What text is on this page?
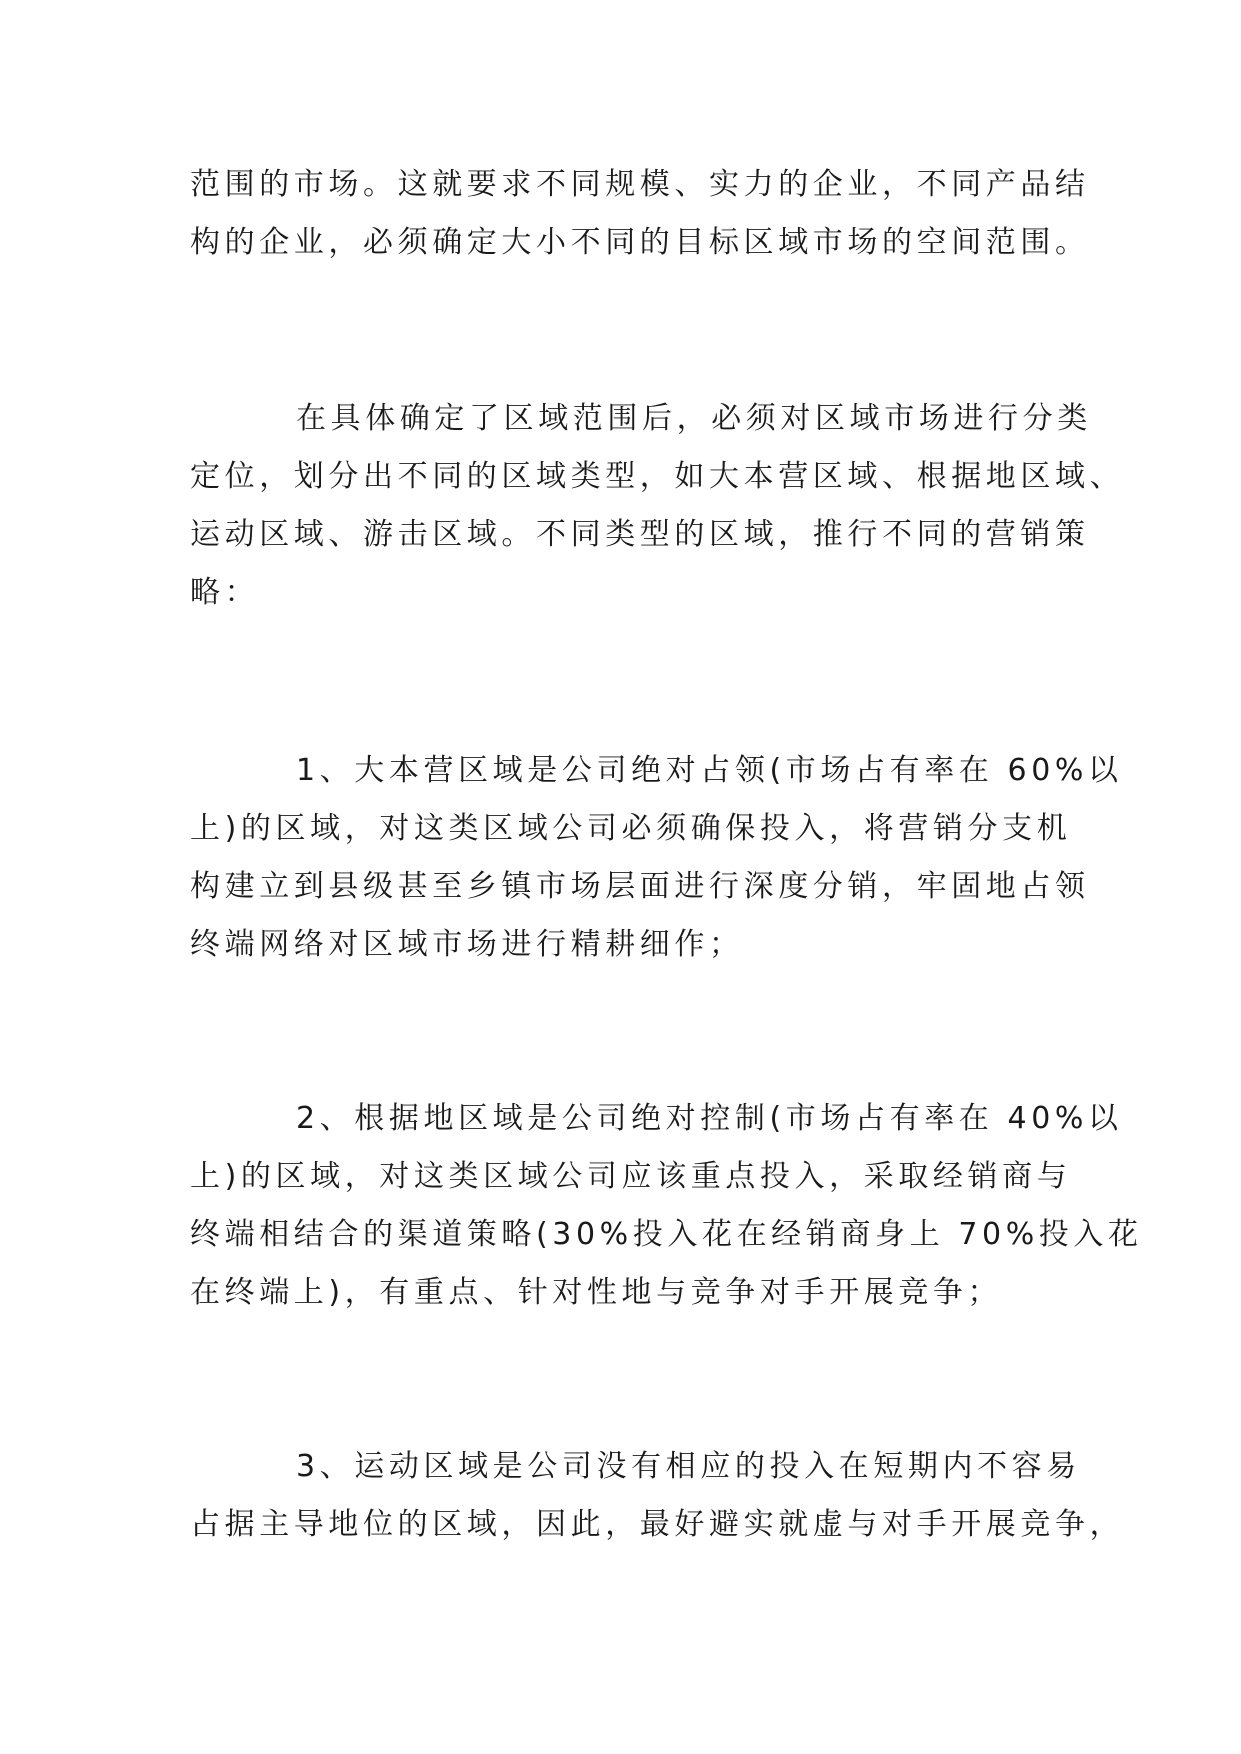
范围的市场。这就要求不同规模、实力的企业，不同产品结
构的企业，必须确定大小不同的目标区域市场的空间范围。
在具体确定了区域范围后，必须对区域市场进行分类
定位，划分出不同的区域类型，如大本营区域、根据地区域、
运动区域、游击区域。不同类型的区域，推行不同的营销策
略：
1、大本营区域是公司绝对占领(市场占有率在 60%以
上)的区域，对这类区域公司必须确保投入，将营销分支机
构建立到县级甚至乡镇市场层面进行深度分销，牢固地占领
终端网络对区域市场进行精耕细作；
2、根据地区域是公司绝对控制(市场占有率在 40%以
上)的区域，对这类区域公司应该重点投入，采取经销商与
终端相结合的渠道策略(30%投入花在经销商身上 70%投入花
在终端上)，有重点、针对性地与竞争对手开展竞争；
3、运动区域是公司没有相应的投入在短期内不容易
占据主导地位的区域，因此，最好避实就虚与对手开展竞争，
